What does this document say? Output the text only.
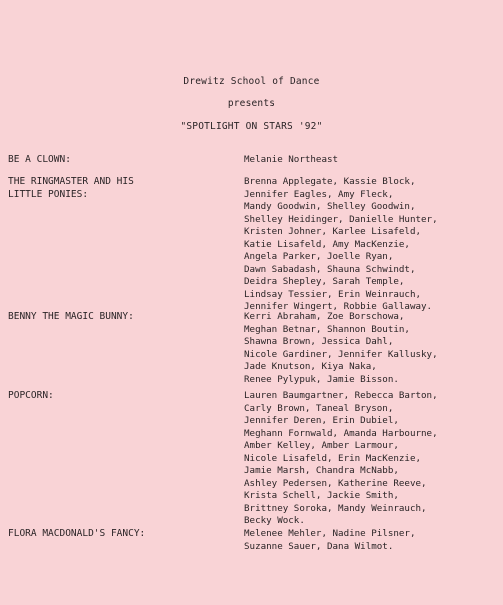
Drewitz School of Dance
presents
"SPOTLIGHT ON STARS '92"
BE A CLOWN:	Melanie Northeast
THE RINGMASTER AND HIS
LITTLE PONIES:
Brenna Applegate, Kassie Block,
Jennifer Eagles, Amy Fleck,
Mandy Goodwin, Shelley Goodwin,
Shelley Heidinger, Danielle Hunter,
Kristen Johner, Karlee Lisafeld,
Katie Lisafeld, Amy MacKenzie,
Angela Parker, Joelle Ryan,
Dawn Sabadash, Shauna Schwindt,
Deidra Shepley, Sarah Temple,
Lindsay Tessier, Erin Weinrauch,
Jennifer Wingert, Robbie Gallaway.
BENNY THE MAGIC BUNNY:	Kerri Abraham, Zoe Borschowa,
Meghan Betnar, Shannon Boutin,
Shawna Brown, Jessica Dahl,
Nicole Gardiner, Jennifer Kallusky,
Jade Knutson, Kiya Naka,
Renee Pylypuk, Jamie Bisson.
POPCORN:	Lauren Baumgartner, Rebecca Barton,
Carly Brown, Taneal Bryson,
Jennifer Deren, Erin Dubiel,
Meghann Fornwald, Amanda Harbourne,
Amber Kelley, Amber Larmour,
Nicole Lisafeld, Erin MacKenzie,
Jamie Marsh, Chandra McNabb,
Ashley Pedersen, Katherine Reeve,
Krista Schell, Jackie Smith,
Brittney Soroka, Mandy Weinrauch,
Becky Wock.
FLORA MACDONALD'S FANCY:	Melenee Mehler, Nadine Pilsner,
Suzanne Sauer, Dana Wilmot.
